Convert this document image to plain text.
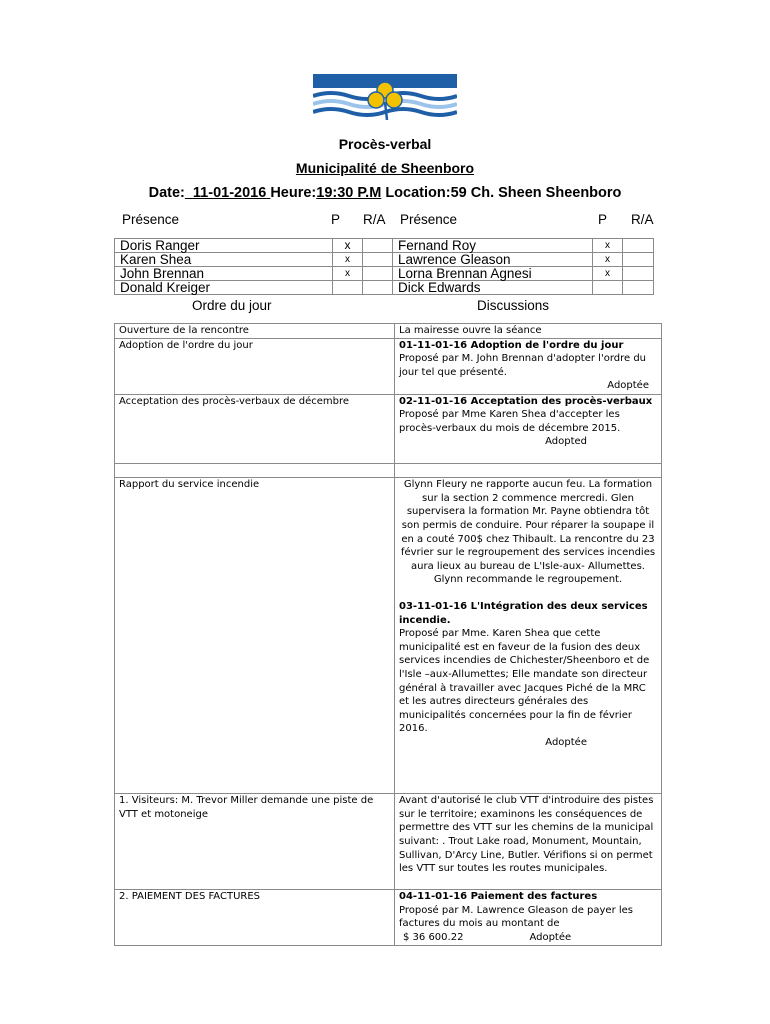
Procès-verbal
Municipalité de Sheenboro
Date: 11-01-2016 Heure:19:30 P.M Location:59 Ch. Sheen Sheenboro
Présence	P R/A Présence	P R/A
Doris Ranger	x		Fernand Roy	x	
Karen Shea	x		Lawrence Gleason	x	
John Brennan	x		Lorna Brennan Agnesi	x	
Donald Kreiger			Dick Edwards		
Ordre du jour	Discussions
Ouverture de la rencontre	La mairesse ouvre la séance
Adoption de l'ordre du jour	01-11-01-16 Adoption de l'ordre du jour
Proposé par M. John Brennan d'adopter l'ordre du jour tel que présenté.
Adoptée

Acceptation des procès-verbaux de décembre	02-11-01-16 Acceptation des procès-verbaux
Proposé par Mme Karen Shea d'accepter les procès-verbaux du mois de décembre 2015.
Adopted

Rapport du service incendie	Glynn Fleury ne rapporte aucun feu. La formation sur la section 2 commence mercredi. Glen supervisera la formation Mr. Payne obtiendra tôt son permis de conduire. Pour réparer la soupape il en a couté 700$ chez Thibault. La rencontre du 23 février sur le regroupement des services incendies aura lieux au bureau de L'Isle-aux- Allumettes. Glynn recommande le regroupement.
03-11-01-16 L'Intégration des deux services incendie.
Proposé par Mme. Karen Shea que cette municipalité est en faveur de la fusion des deux services incendies de Chichester/Sheenboro et de l'Isle –aux-Allumettes; Elle mandate son directeur général à travailler avec Jacques Piché de la MRC et les autres directeurs générales des municipalités concernées pour la fin de février 2016.
Adoptée

1. Visiteurs: M. Trevor Miller demande une piste de VTT et motoneige	Avant d'autorisé le club VTT d'introduire des pistes sur le territoire; examinons les conséquences de permettre des VTT sur les chemins de la municipal suivant: . Trout Lake road, Monument, Mountain, Sullivan, D'Arcy Line, Butler. Vérifions si on permet les VTT sur toutes les routes municipales.
2. PAIEMENT DES FACTURES	04-11-01-16 Paiement des factures
Proposé par M. Lawrence Gleason de payer les factures du mois au montant de
$ 36 600.22 Adoptée
